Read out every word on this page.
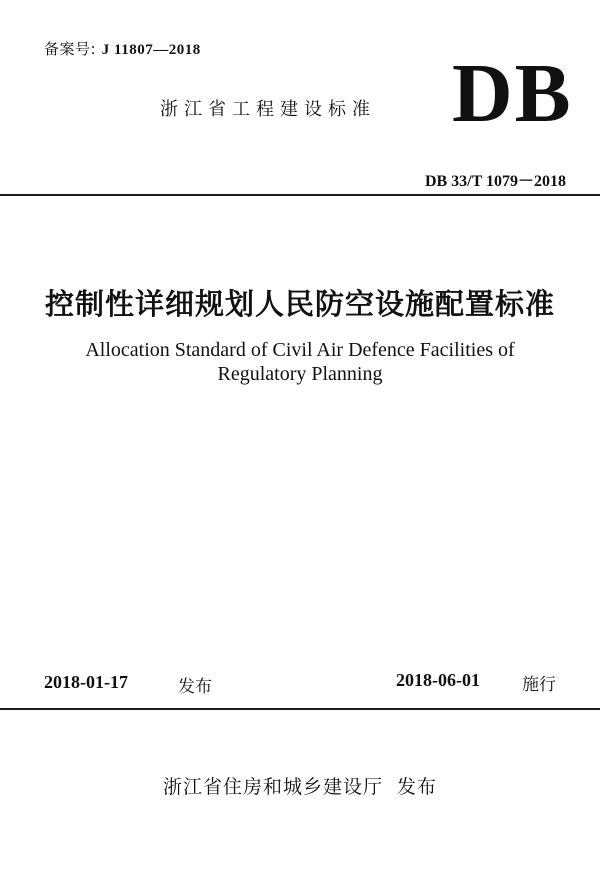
备案号: J 11807—2018
浙江省工程建设标准 DB
DB 33/T 1079－2018
控制性详细规划人民防空设施配置标准
Allocation Standard of Civil Air Defence Facilities of
Regulatory Planning
2018-01-17	发布	2018-06-01 施行
浙江省住房和城乡建设厅  发布
